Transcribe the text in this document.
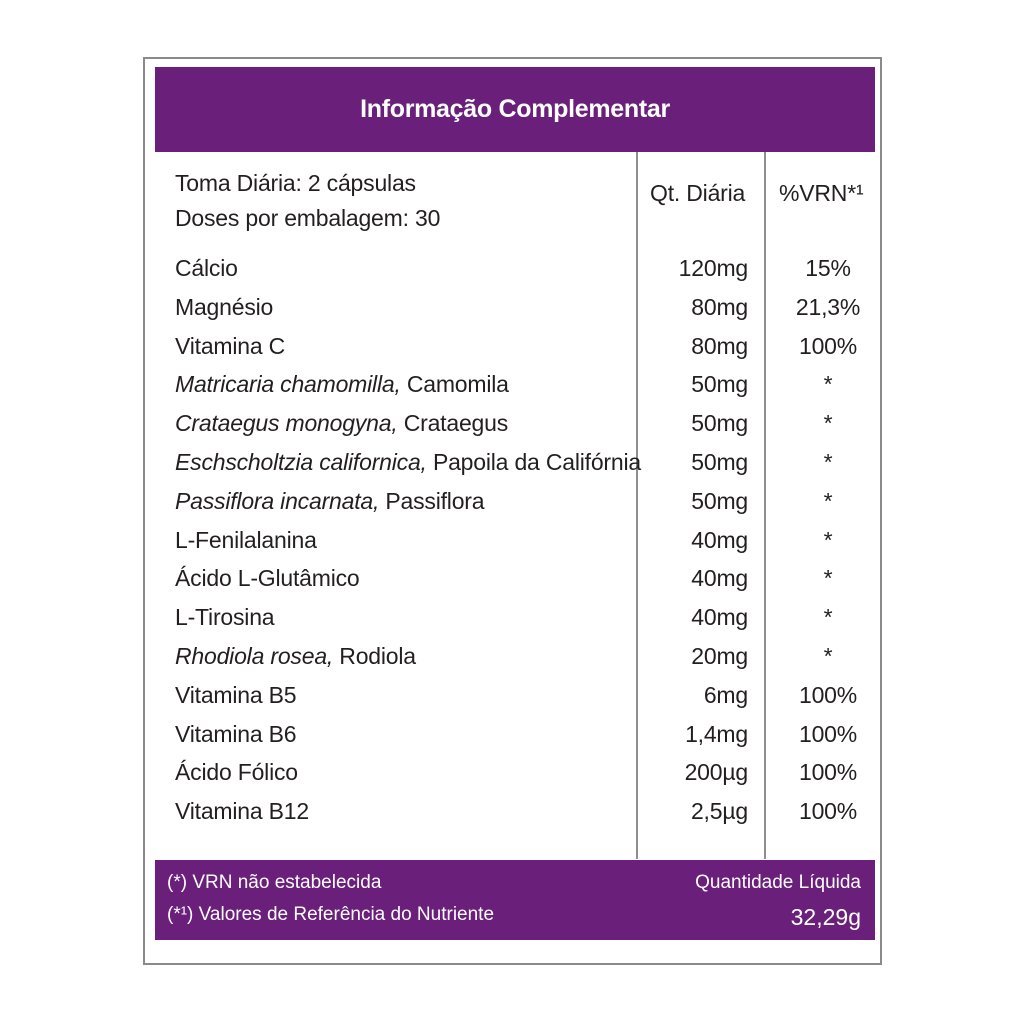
Informação Complementar
Toma Diária: 2 cápsulas
Doses por embalagem: 30
Qt. Diária %VRN*¹
Cálcio	120mg	15%
Magnésio	80mg	21,3%
Vitamina C	80mg	100%
Matricaria chamomilla, Camomila	50mg	*
Crataegus monogyna, Crataegus	50mg	*
Eschscholtzia californica, Papoila da Califórnia 50mg	*
Passiflora incarnata, Passiflora	50mg	*
L-Fenilalanina	40mg	*
Ácido L-Glutâmico	40mg	*
L-Tirosina	40mg	*
Rhodiola rosea, Rodiola	20mg	*
Vitamina B5	6mg	100%
Vitamina B6	1,4mg	100%
Ácido Fólico	200µg	100%
Vitamina B12	2,5µg	100%
(*) VRN não estabelecida
(*¹) Valores de Referência do Nutriente
Quantidade Líquida
32,29g
